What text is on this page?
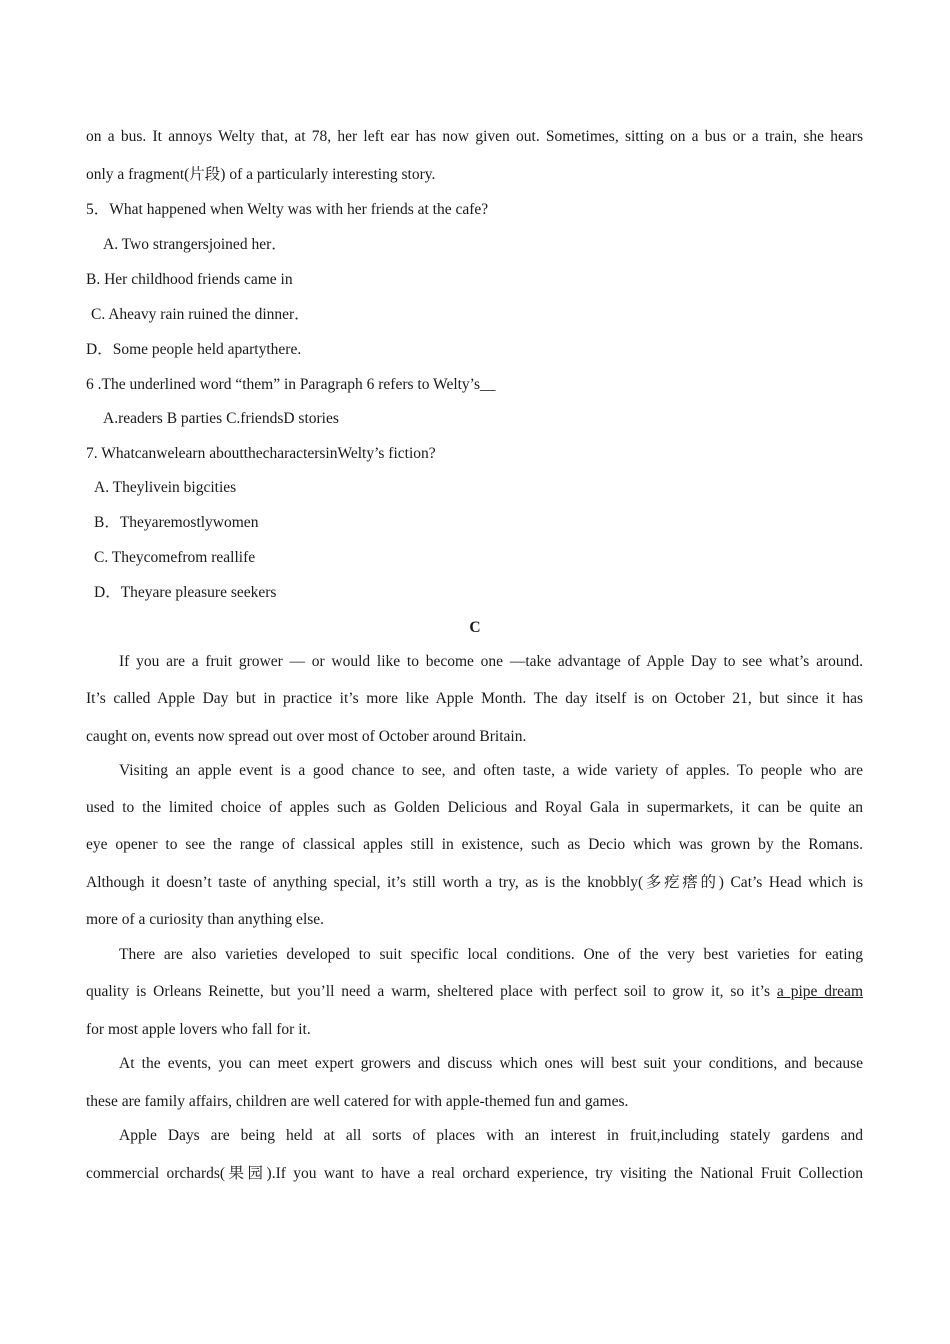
on a bus. It annoys Welty that, at 78, her left ear has now given out. Sometimes, sitting on a bus or a train, she hears
only a fragment(片段) of a particularly interesting story.
5．What happened when Welty was with her friends at the cafe?
A. Two strangersjoined her．
B. Her childhood friends came in
C. Aheavy rain ruined the dinner．
D．Some people held apartythere.
6 .The underlined word “them” in Paragraph 6 refers to Welty’s__
A.readers B parties C.friendsD stories
7. Whatcanwelearn aboutthecharactersinWelty’s fiction?
A. Theylivein bigcities
B．Theyaremostlywomen
C. Theycomefrom reallife
D．Theyare pleasure seekers
C
If you are a fruit grower — or would like to become one —take advantage of Apple Day to see what’s around.
It’s called Apple Day but in practice it’s more like Apple Month. The day itself is on October 21, but since it has
caught on, events now spread out over most of October around Britain.
Visiting an apple event is a good chance to see, and often taste, a wide variety of apples. To people who are
used to the limited choice of apples such as Golden Delicious and Royal Gala in supermarkets, it can be quite an
eye opener to see the range of classical apples still in existence, such as Decio which was grown by the Romans.
Although it doesn’t taste of anything special, it’s still worth a try, as is the knobbly(多疙瘩的) Cat’s Head which is
more of a curiosity than anything else.
There are also varieties developed to suit specific local conditions. One of the very best varieties for eating
quality is Orleans Reinette, but you’ll need a warm, sheltered place with perfect soil to grow it, so it’s a pipe dream
for most apple lovers who fall for it.
At the events, you can meet expert growers and discuss which ones will best suit your conditions, and because
these are family affairs, children are well catered for with apple-themed fun and games.
Apple Days are being held at all sorts of places with an interest in fruit,including stately gardens and
commercial orchards(果园).If you want to have a real orchard experience, try visiting the National Fruit Collection
